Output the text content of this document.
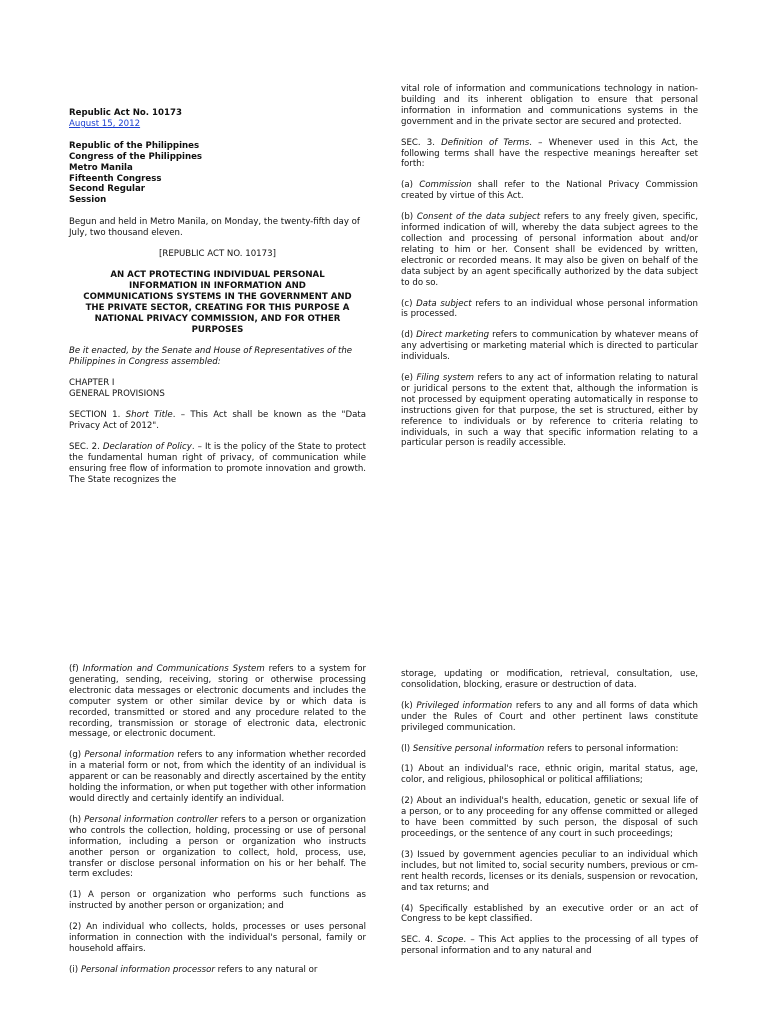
Republic Act No. 10173

August 15, 2012

Republic of the Philippines

Congress of the Philippines

Metro Manila

Fifteenth Congress

Second Regular

Session

Begun and held in Metro Manila, on Monday, the twenty-fifth day of July, two thousand eleven.

[REPUBLIC ACT NO. 10173]

AN ACT PROTECTING INDIVIDUAL PERSONAL INFORMATION IN INFORMATION AND COMMUNICATIONS SYSTEMS IN THE GOVERNMENT AND THE PRIVATE SECTOR, CREATING FOR THIS PURPOSE A NATIONAL PRIVACY COMMISSION, AND FOR OTHER PURPOSES

Be it enacted, by the Senate and House of Representatives of the Philippines in Congress assembled:

CHAPTER I

GENERAL PROVISIONS

SECTION 1. Short Title. – This Act shall be known as the "Data Privacy Act of 2012".

SEC. 2. Declaration of Policy. – It is the policy of the State to protect the fundamental human right of privacy, of communication while ensuring free flow of information to promote innovation and growth. The State recognizes the

vital role of information and communications technology in nation-building and its inherent obligation to ensure that personal information in information and communications systems in the government and in the private sector are secured and protected.

SEC. 3. Definition of Terms. – Whenever used in this Act, the following terms shall have the respective meanings hereafter set forth:

(a) Commission shall refer to the National Privacy Commission created by virtue of this Act.

(b) Consent of the data subject refers to any freely given, specific, informed indication of will, whereby the data subject agrees to the collection and processing of personal information about and/or relating to him or her. Consent shall be evidenced by written, electronic or recorded means. It may also be given on behalf of the data subject by an agent specifically authorized by the data subject to do so.

(c) Data subject refers to an individual whose personal information is processed.

(d) Direct marketing refers to communication by whatever means of any advertising or marketing material which is directed to particular individuals.

(e) Filing system refers to any act of information relating to natural or juridical persons to the extent that, although the information is not processed by equipment operating automatically in response to instructions given for that purpose, the set is structured, either by reference to individuals or by reference to criteria relating to individuals, in such a way that specific information relating to a particular person is readily accessible.

(f) Information and Communications System refers to a system for generating, sending, receiving, storing or otherwise processing electronic data messages or electronic documents and includes the computer system or other similar device by or which data is recorded, transmitted or stored and any procedure related to the recording, transmission or storage of electronic data, electronic message, or electronic document.

(g) Personal information refers to any information whether recorded in a material form or not, from which the identity of an individual is apparent or can be reasonably and directly ascertained by the entity holding the information, or when put together with other information would directly and certainly identify an individual.

(h) Personal information controller refers to a person or organization who controls the collection, holding, processing or use of personal information, including a person or organization who instructs another person or organization to collect, hold, process, use, transfer or disclose personal information on his or her behalf. The term excludes:

(1) A person or organization who performs such functions as instructed by another person or organization; and

(2) An individual who collects, holds, processes or uses personal information in connection with the individual's personal, family or household affairs.

(i) Personal information processor refers to any natural or

storage, updating or modification, retrieval, consultation, use, consolidation, blocking, erasure or destruction of data.

(k) Privileged information refers to any and all forms of data which under the Rules of Court and other pertinent laws constitute privileged communication.

(l) Sensitive personal information refers to personal information:

(1) About an individual's race, ethnic origin, marital status, age, color, and religious, philosophical or political affiliations;

(2) About an individual's health, education, genetic or sexual life of a person, or to any proceeding for any offense committed or alleged to have been committed by such person, the disposal of such proceedings, or the sentence of any court in such proceedings;

(3) Issued by government agencies peculiar to an individual which includes, but not limited to, social security numbers, previous or cm-rent health records, licenses or its denials, suspension or revocation, and tax returns; and

(4) Specifically established by an executive order or an act of Congress to be kept classified.

SEC. 4. Scope. – This Act applies to the processing of all types of personal information and to any natural and
